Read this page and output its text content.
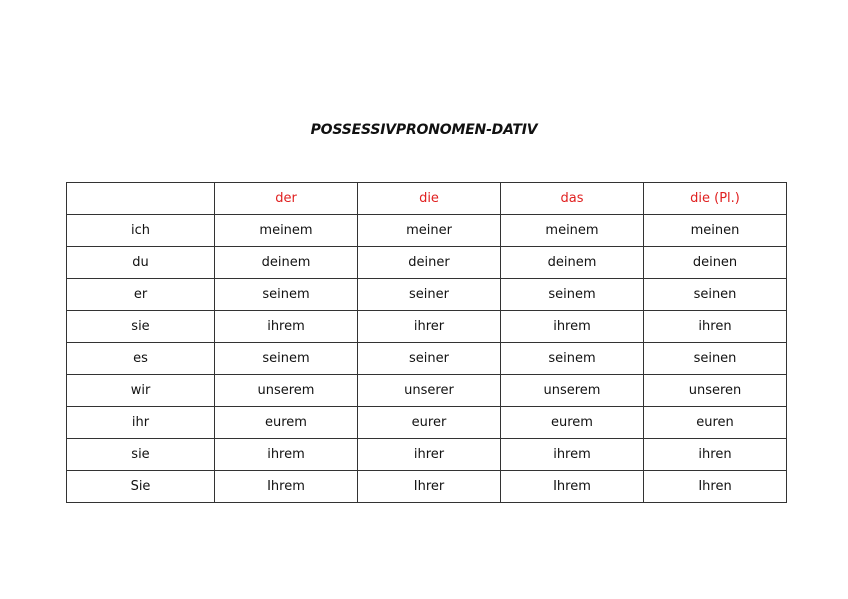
POSSESSIVPRONOMEN-DATIV
	der	die	das	die (Pl.)
ich	meinem	meiner	meinem	meinen
du	deinem	deiner	deinem	deinen
er	seinem	seiner	seinem	seinen
sie	ihrem	ihrer	ihrem	ihren
es	seinem	seiner	seinem	seinen
wir	unserem	unserer	unserem	unseren
ihr	eurem	eurer	eurem	euren
sie	ihrem	ihrer	ihrem	ihren
Sie	Ihrem	Ihrer	Ihrem	Ihren
